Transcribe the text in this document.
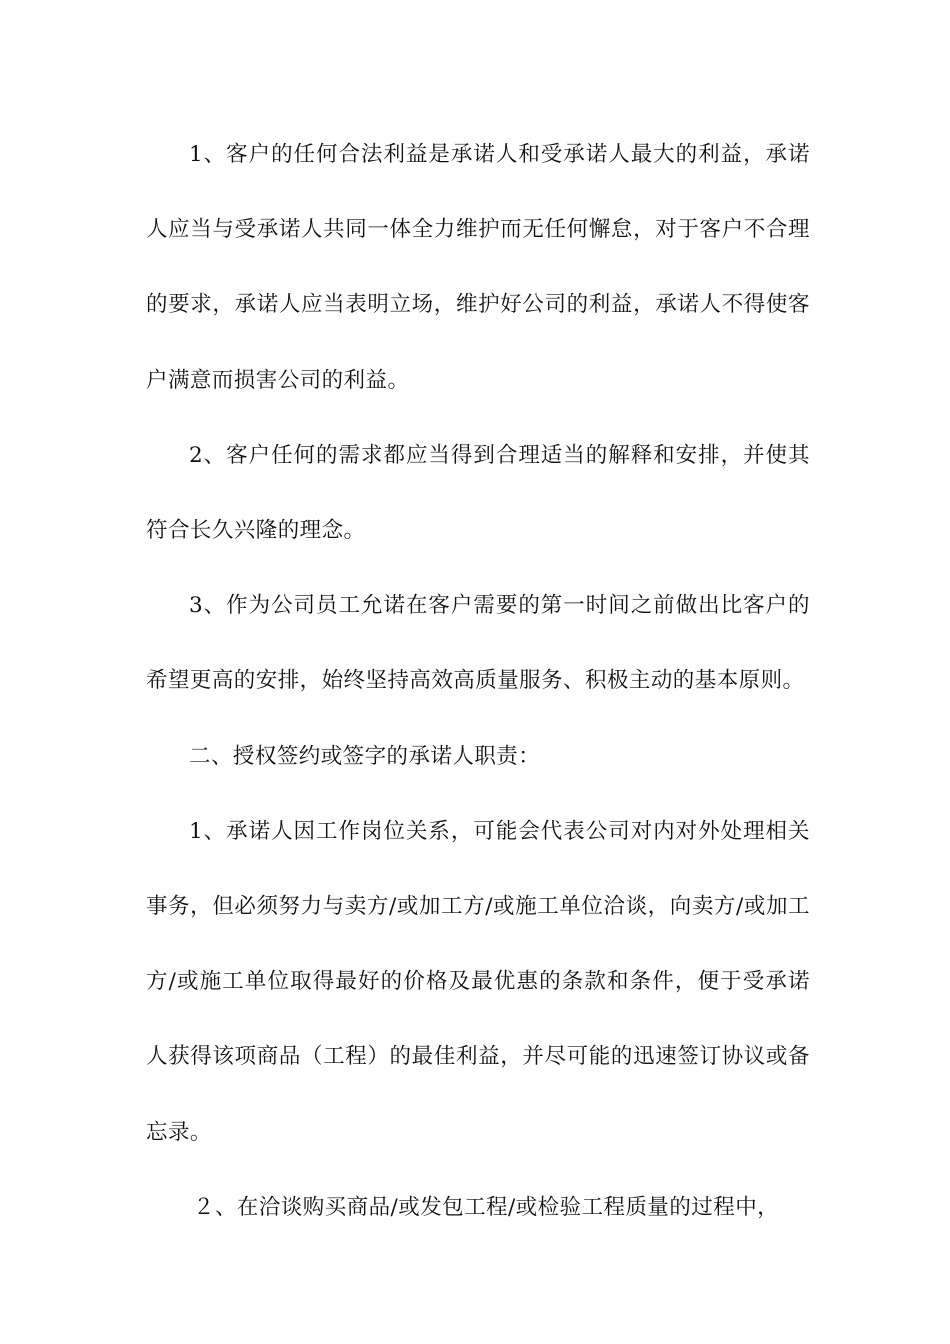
1、客户的任何合法利益是承诺人和受承诺人最大的利益，承诺人应当与受承诺人共同一体全力维护而无任何懈怠，对于客户不合理的要求，承诺人应当表明立场，维护好公司的利益，承诺人不得使客户满意而损害公司的利益。

2、客户任何的需求都应当得到合理适当的解释和安排，并使其符合长久兴隆的理念。

3、作为公司员工允诺在客户需要的第一时间之前做出比客户的希望更高的安排，始终坚持高效高质量服务、积极主动的基本原则。

二、授权签约或签字的承诺人职责：

1、承诺人因工作岗位关系，可能会代表公司对内对外处理相关事务，但必须努力与卖方/或加工方/或施工单位洽谈，向卖方/或加工方/或施工单位取得最好的价格及最优惠的条款和条件，便于受承诺人获得该项商品（工程）的最佳利益，并尽可能的迅速签订协议或备忘录。

２、在洽谈购买商品/或发包工程/或检验工程质量的过程中，
